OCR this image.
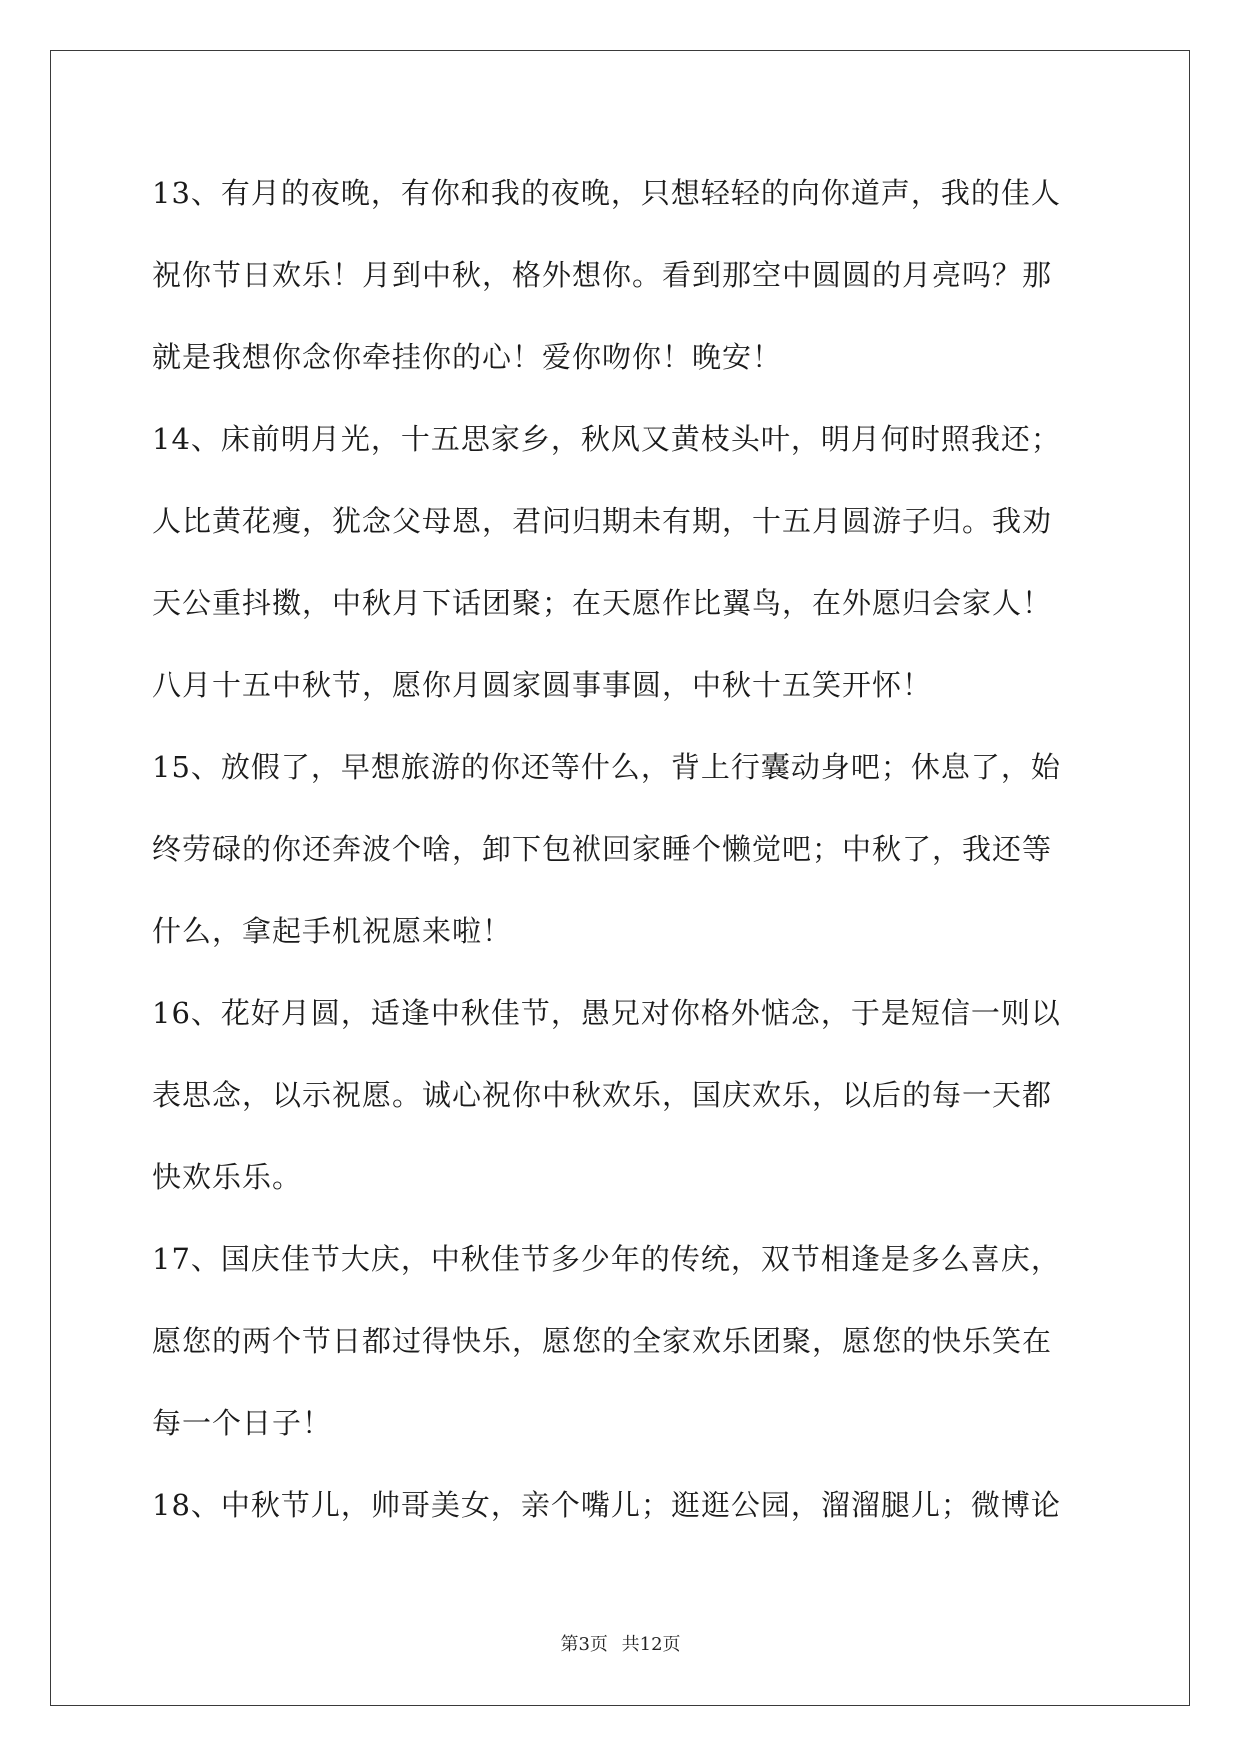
13、有月的夜晚，有你和我的夜晚，只想轻轻的向你道声，我的佳人
祝你节日欢乐！月到中秋，格外想你。看到那空中圆圆的月亮吗？那
就是我想你念你牵挂你的心！爱你吻你！晚安！
14、床前明月光，十五思家乡，秋风又黄枝头叶，明月何时照我还；
人比黄花瘦，犹念父母恩，君问归期未有期，十五月圆游子归。我劝
天公重抖擞，中秋月下话团聚；在天愿作比翼鸟，在外愿归会家人！
八月十五中秋节，愿你月圆家圆事事圆，中秋十五笑开怀！
15、放假了，早想旅游的你还等什么，背上行囊动身吧；休息了，始
终劳碌的你还奔波个啥，卸下包袱回家睡个懒觉吧；中秋了，我还等
什么，拿起手机祝愿来啦！
16、花好月圆，适逢中秋佳节，愚兄对你格外惦念，于是短信一则以
表思念，以示祝愿。诚心祝你中秋欢乐，国庆欢乐，以后的每一天都
快欢乐乐。
17、国庆佳节大庆，中秋佳节多少年的传统，双节相逢是多么喜庆，
愿您的两个节日都过得快乐，愿您的全家欢乐团聚，愿您的快乐笑在
每一个日子！
18、中秋节儿，帅哥美女，亲个嘴儿；逛逛公园，溜溜腿儿；微博论
第3页 共12页
